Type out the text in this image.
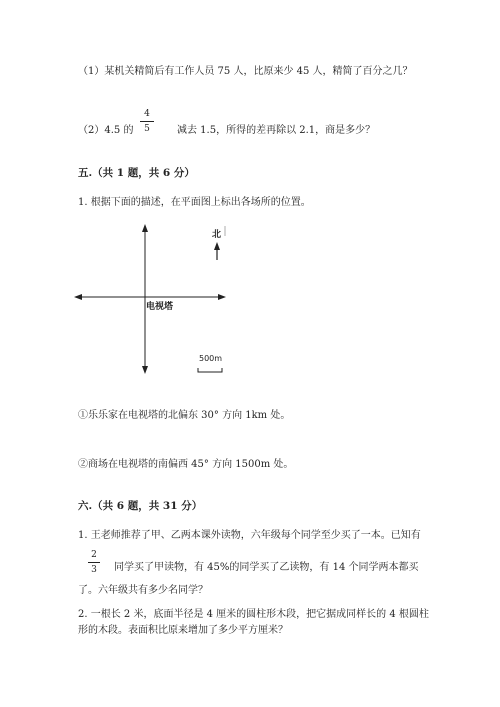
（1）某机关精简后有工作人员 75 人，比原来少 45 人，精简了百分之几？
（2）4.5 的
4
5	减去 1.5，所得的差再除以 2.1，商是多少？
五.（共 1 题，共 6 分）
1. 根据下面的描述，在平面图上标出各场所的位置。
电视塔
北
500m
①乐乐家在电视塔的北偏东 30° 方向 1km 处。
②商场在电视塔的南偏西 45° 方向 1500m 处。
六.（共 6 题，共 31 分）
1. 王老师推荐了甲、乙两本课外读物，六年级每个同学至少买了一本。已知有
2
3	同学买了甲读物，有 45%的同学买了乙读物，有 14 个同学两本都买
了。六年级共有多少名同学？
2. 一根长 2 米，底面半径是 4 厘米的圆柱形木段，把它据成同样长的 4 根圆柱
形的木段。表面积比原来增加了多少平方厘米？
